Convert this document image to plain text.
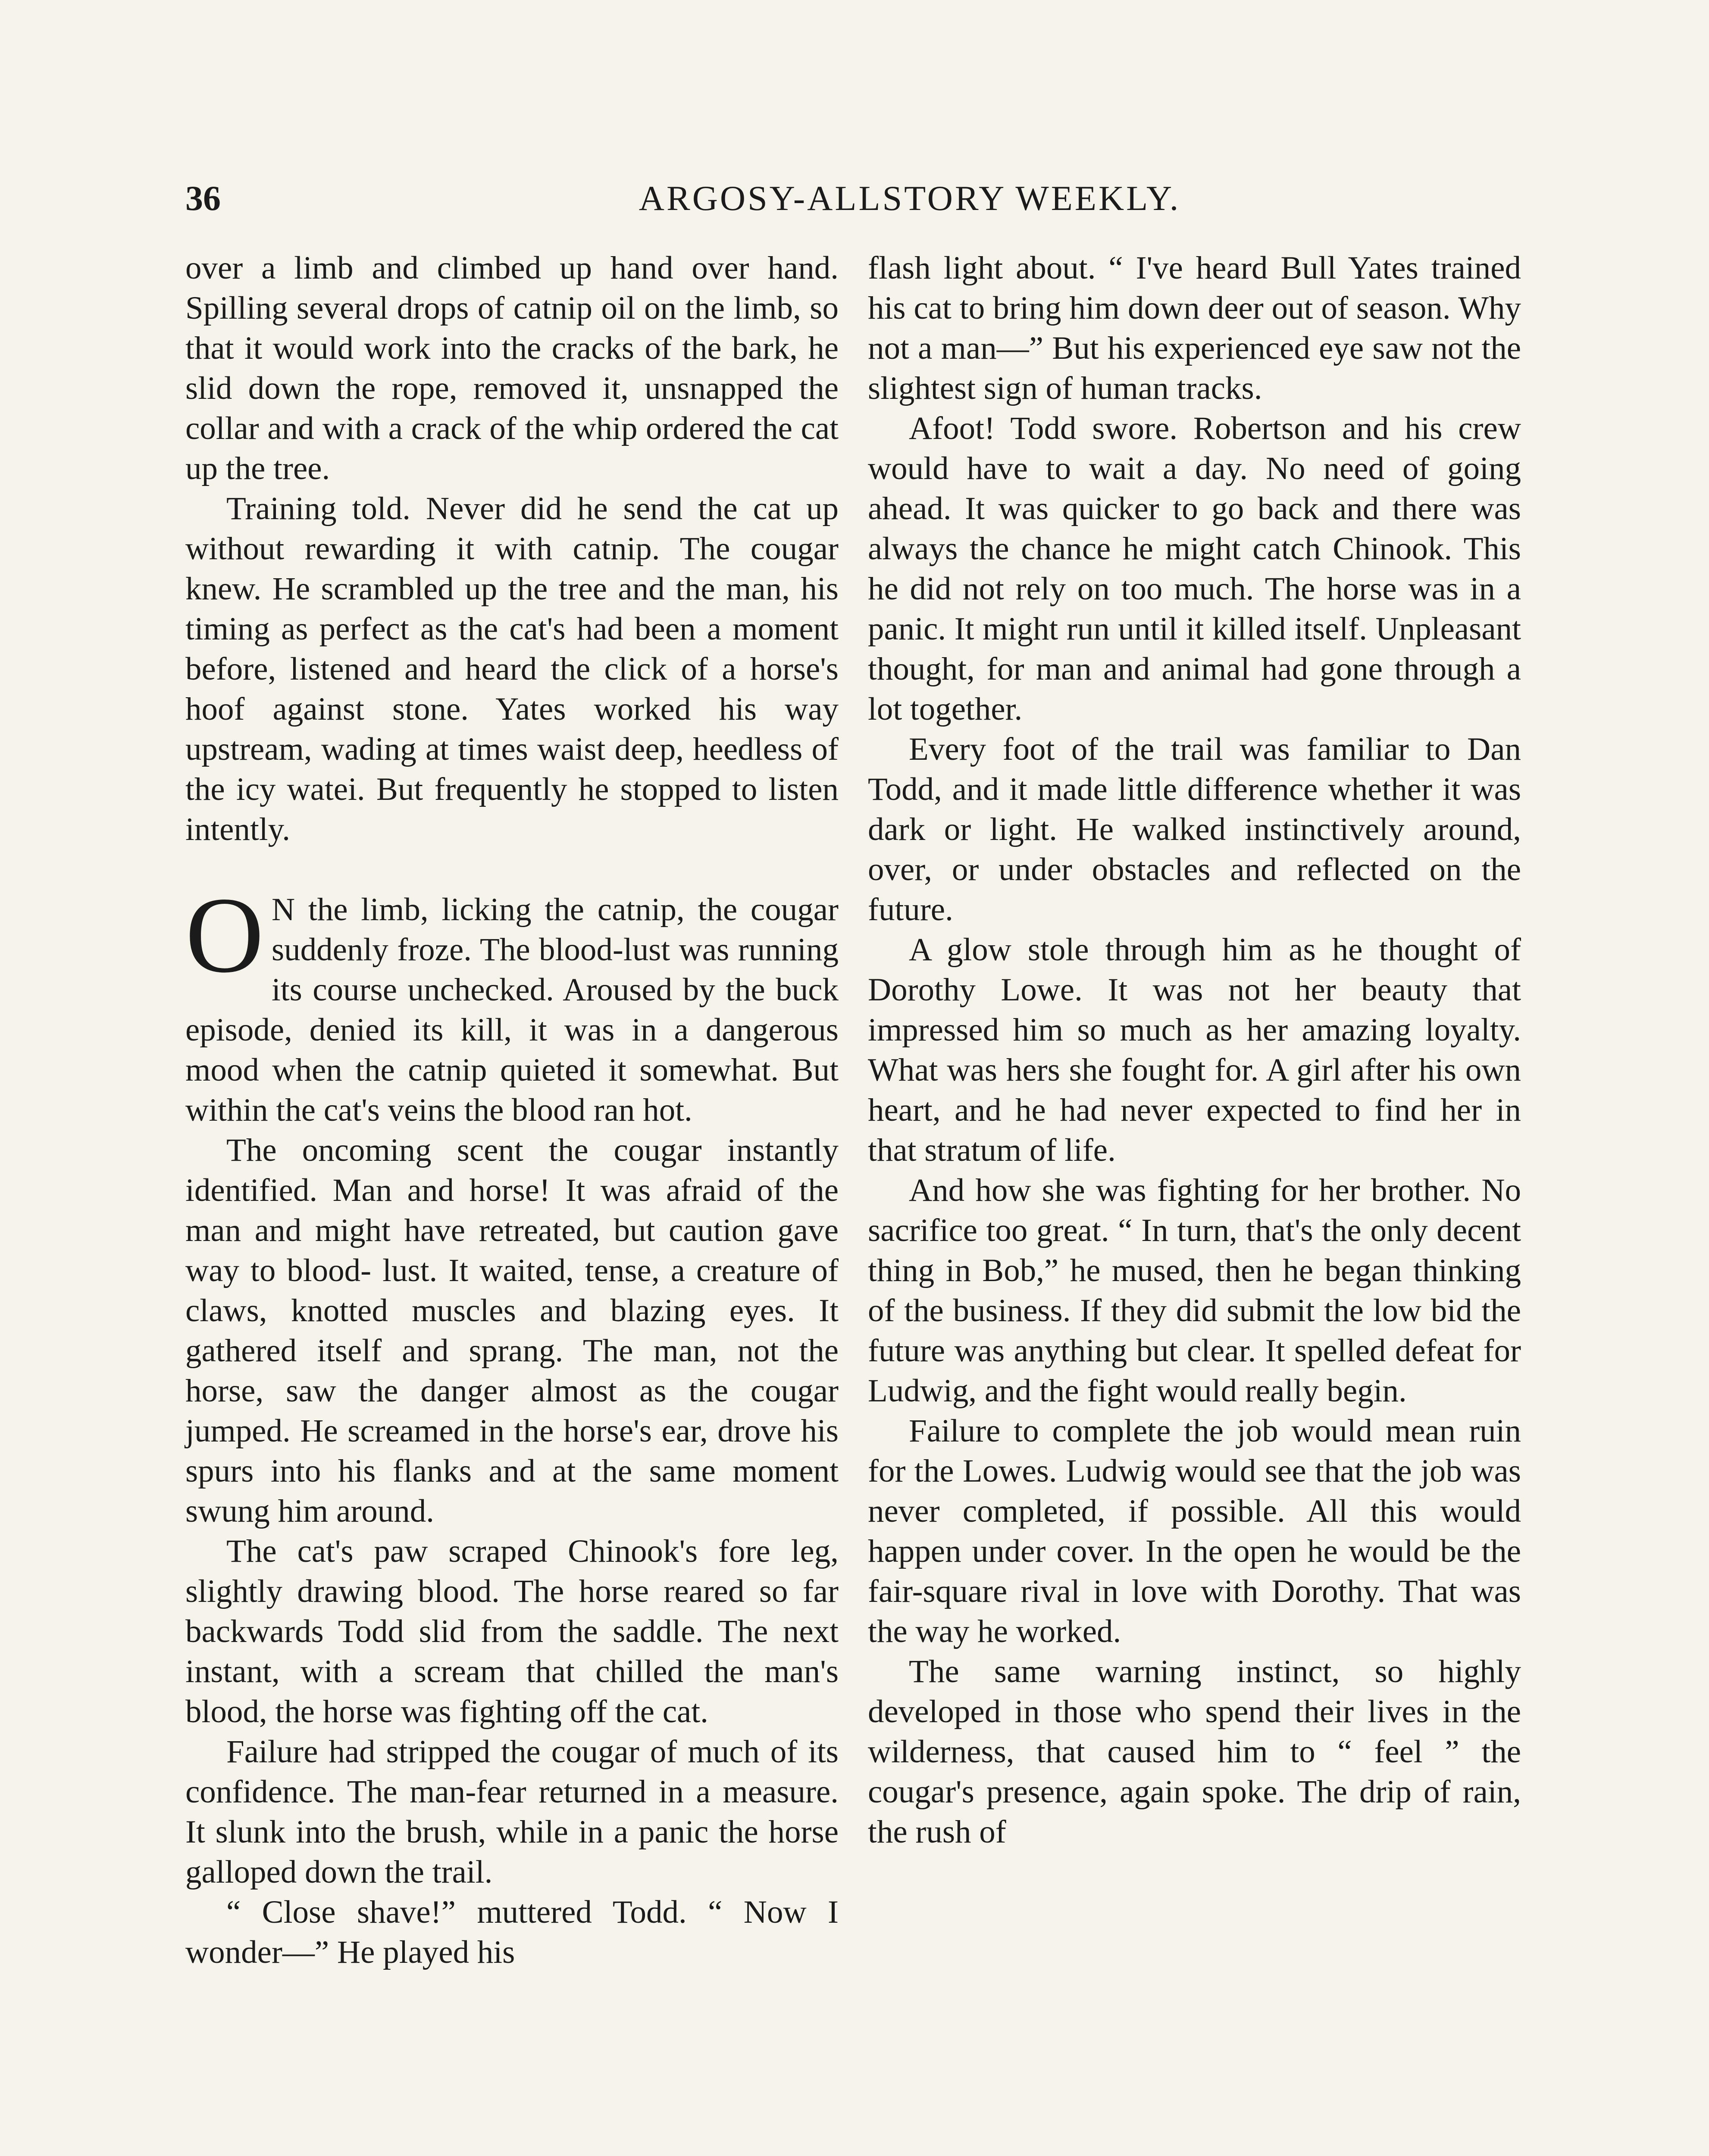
36	ARGOSY-ALLSTORY WEEKLY.

over a limb and climbed up hand over hand. Spilling several drops of catnip oil on the limb, so that it would work into the cracks of the bark, he slid down the rope, removed it, unsnapped the collar and with a crack of the whip ordered the cat up the tree.

Training told. Never did he send the cat up without rewarding it with catnip. The cougar knew. He scrambled up the tree and the man, his timing as perfect as the cat's had been a moment before, listened and heard the click of a horse's hoof against stone. Yates worked his way upstream, wading at times waist deep, heedless of the icy watei. But frequently he stopped to listen intently.

O N the limb, licking the catnip, the cougar suddenly froze. The blood-lust was running its course unchecked. Aroused by the buck episode, denied its kill, it was in a dangerous mood when the catnip quieted it somewhat. But within the cat's veins the blood ran hot.

The oncoming scent the cougar instantly identified. Man and horse! It was afraid of the man and might have retreated, but caution gave way to blood- lust. It waited, tense, a creature of claws, knotted muscles and blazing eyes. It gathered itself and sprang. The man, not the horse, saw the danger almost as the cougar jumped. He screamed in the horse's ear, drove his spurs into his flanks and at the same moment swung him around.

The cat's paw scraped Chinook's fore leg, slightly drawing blood. The horse reared so far backwards Todd slid from the saddle. The next instant, with a scream that chilled the man's blood, the horse was fighting off the cat.

Failure had stripped the cougar of much of its confidence. The man-fear returned in a measure. It slunk into the brush, while in a panic the horse galloped down the trail.

“ Close shave!” muttered Todd. “ Now I wonder—” He played his

flash light about. “ I've heard Bull Yates trained his cat to bring him down deer out of season. Why not a man—” But his experienced eye saw not the slightest sign of human tracks.

Afoot! Todd swore. Robertson and his crew would have to wait a day. No need of going ahead. It was quicker to go back and there was always the chance he might catch Chinook. This he did not rely on too much. The horse was in a panic. It might run until it killed itself. Unpleasant thought, for man and animal had gone through a lot together.

Every foot of the trail was familiar to Dan Todd, and it made little difference whether it was dark or light. He walked instinctively around, over, or under obstacles and reflected on the future.

A glow stole through him as he thought of Dorothy Lowe. It was not her beauty that impressed him so much as her amazing loyalty. What was hers she fought for. A girl after his own heart, and he had never expected to find her in that stratum of life.

And how she was fighting for her brother. No sacrifice too great. “ In turn, that's the only decent thing in Bob,” he mused, then he began thinking of the business. If they did submit the low bid the future was anything but clear. It spelled defeat for Ludwig, and the fight would really begin.

Failure to complete the job would mean ruin for the Lowes. Ludwig would see that the job was never completed, if possible. All this would happen under cover. In the open he would be the fair-square rival in love with Dorothy. That was the way he worked.

The same warning instinct, so highly developed in those who spend their lives in the wilderness, that caused him to “ feel ” the cougar's presence, again spoke. The drip of rain, the rush of
